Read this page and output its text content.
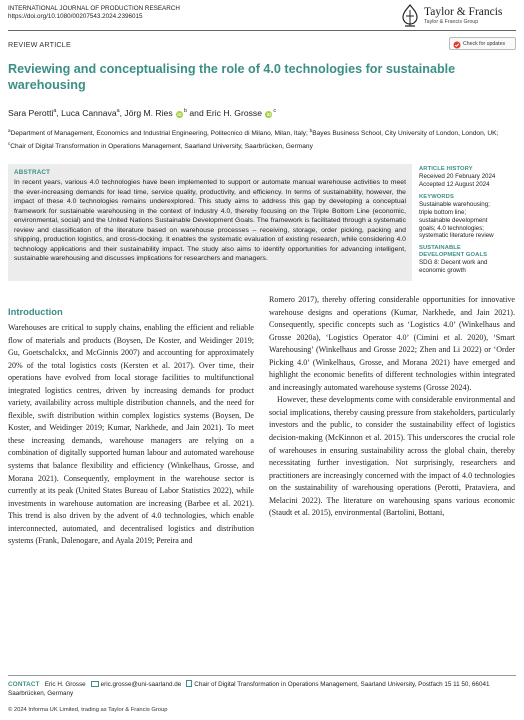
INTERNATIONAL JOURNAL OF PRODUCTION RESEARCH
https://doi.org/10.1080/00207543.2024.2396015	Taylor & Francis
Taylor & Francis Group
REVIEW ARTICLE	Check for updates
Reviewing and conceptualising the role of 4.0 technologies for sustainable warehousing
Sara Perotti$^a$, Luca Cannava$^a$, Jörg M. Ries $iD^b$ and Eric H. Grosse $iD^c$
$^a$Department of Management, Economics and Industrial Engineering, Politecnico di Milano, Milan, Italy; $^b$Bayes Business School, City University of London, London, UK; $^c$Chair of Digital Transformation in Operations Management, Saarland University, Saarbrücken, Germany
ABSTRACT
In recent years, various 4.0 technologies have been implemented to support or automate manual warehouse activities to meet the ever-increasing demands for lead time, service quality, productivity, and efficiency. In terms of sustainability, however, the impact of these 4.0 technologies remains underexplored. This study aims to address this gap by developing a conceptual framework for sustainable warehousing in the context of Industry 4.0, thereby focusing on the Triple Bottom Line (economic, environmental, social) and the United Nations Sustainable Development Goals. The framework is facilitated through a systematic review and classification of the literature based on warehouse processes – receiving, storage, order picking, packing and shipping, production logistics, and cross-docking. It enables the systematic evaluation of existing research, while considering 4.0 technology applications and their sustainability impact. The study also aims to identify opportunities for advancing intelligent, sustainable warehousing and discusses implications for researchers and managers.
ARTICLE HISTORY
Received 20 February 2024
Accepted 12 August 2024
KEYWORDS
Sustainable warehousing;
triple bottom line;
sustainable development
goals; 4.0 technologies;
systematic literature review
SUSTAINABLE
DEVELOPMENT GOALS
SDG 8: Decent work and
economic growth
Introduction

Warehouses are critical to supply chains, enabling the efficient and reliable flow of materials and products (Boysen, De Koster, and Weidinger 2019; Gu, Goetschalckx, and McGinnis 2007) and accounting for approximately 20% of the total logistics costs (Kersten et al. 2017). Over time, their operations have evolved from local storage facilities to multifunctional integrated logistics centres, driven by increasing demands for product variety, availability across multiple distribution channels, and the need for flexible, swift distribution within complex logistics systems (Boysen, De Koster, and Weidinger 2019; Kumar, Narkhede, and Jain 2021). To meet these increasing demands, warehouse managers are relying on a combination of digitally supported human labour and automated warehouse systems that balance flexibility and efficiency (Winkelhaus, Grosse, and Morana 2021). Consequently, employment in the warehouse sector is currently at its peak (United States Bureau of Labor Statistics 2022), while investments in warehouse automation are increasing (Barbee et al. 2021). This trend is also driven by the advent of 4.0 technologies, which enable interconnected, automated, and decentralised logistics and distribution systems (Frank, Dalenogare, and Ayala 2019; Pereira and

Romero 2017), thereby offering considerable opportunities for innovative warehouse designs and operations (Kumar, Narkhede, and Jain 2021). Consequently, specific concepts such as ‘Logistics 4.0’ (Winkelhaus and Grosse 2020a), ‘Logistics Operator 4.0’ (Cimini et al. 2020), ‘Smart Warehousing’ (Winkelhaus and Grosse 2022; Zhen and Li 2022) or ‘Order Picking 4.0’ (Winkelhaus, Grosse, and Morana 2021) have emerged and highlight the economic benefits of different technologies within integrated and increasingly automated warehouse systems (Grosse 2024).

However, these developments come with considerable environmental and social implications, thereby causing pressure from stakeholders, particularly investors and the public, to consider the sustainability effect of logistics decision-making (McKinnon et al. 2015). This underscores the crucial role of warehouses in ensuring sustainability across the global chain, thereby necessitating further investigation. Not surprisingly, researchers and practitioners are increasingly concerned with the impact of 4.0 technologies on the sustainability of warehousing operations (Perotti, Prataviera, and Melacini 2022). The literature on warehousing spans various economic (Staudt et al. 2015), environmental (Bartolini, Bottani,

CONTACT Eric H. Grosse eric.grosse@uni-saarland.de Chair of Digital Transformation in Operations Management, Saarland University, Postfach 15 11 50, 66041 Saarbrücken, Germany
© 2024 Informa UK Limited, trading as Taylor & Francis Group
